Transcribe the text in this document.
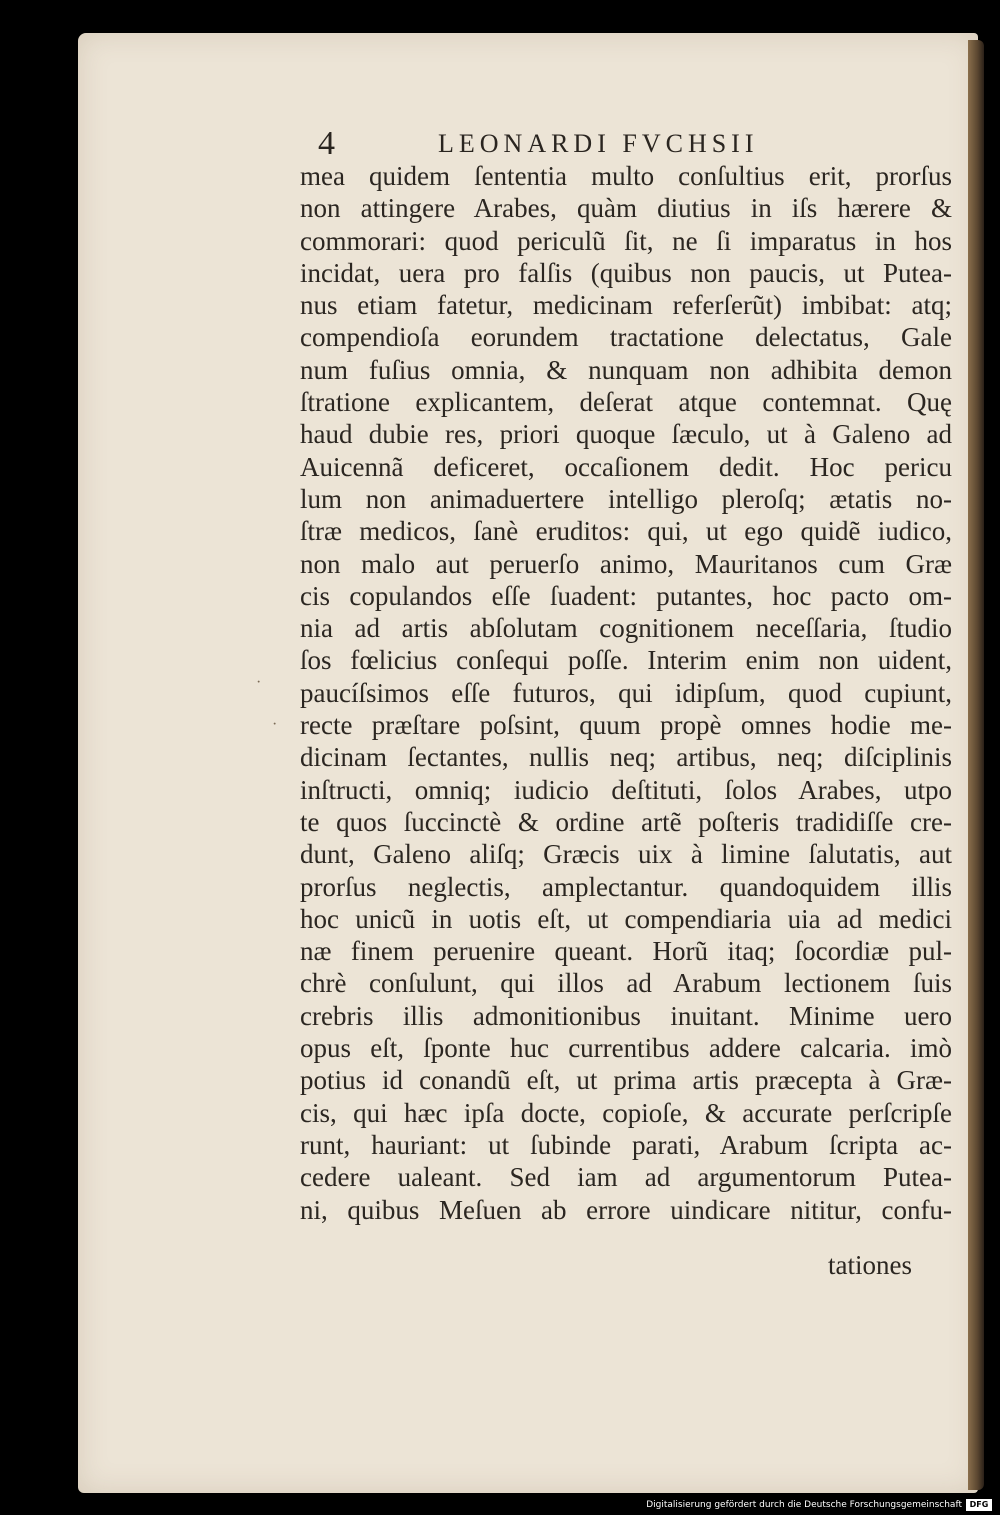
4	LEONARDI FVCHSII
mea quidem ſententia multo conſultius erit, prorſus
non attingere Arabes, quàm diutius in iſs hærere &
commorari: quod periculũ ſit, ne ſi imparatus in hos
incidat, uera pro falſis (quibus non paucis, ut Putea-
nus etiam fatetur, medicinam referſerũt) imbibat: atq;
compendioſa eorundem tractatione delectatus, Gale
num fuſius omnia, & nunquam non adhibita demon
ſtratione explicantem, deſerat atque contemnat. Quę
haud dubie res, priori quoque ſæculo, ut à Galeno ad
Auicennã deficeret, occaſionem dedit. Hoc pericu
lum non animaduertere intelligo pleroſq; ætatis no-
ſtræ medicos, ſanè eruditos: qui, ut ego quidẽ iudico,
non malo aut peruerſo animo, Mauritanos cum Græ
cis copulandos eſſe ſuadent: putantes, hoc pacto om-
nia ad artis abſolutam cognitionem neceſſaria, ſtudio
ſos fœlicius conſequi poſſe. Interim enim non uident,
paucíſsimos eſſe futuros, qui idipſum, quod cupiunt,
recte præſtare poſsint, quum propè omnes hodie me-
dicinam ſectantes, nullis neq; artibus, neq; diſciplinis
inſtructi, omniq; iudicio deſtituti, ſolos Arabes, utpo
te quos ſuccinctè & ordine artẽ poſteris tradidiſſe cre-
dunt, Galeno aliſq; Græcis uix à limine ſalutatis, aut
prorſus neglectis, amplectantur. quandoquidem illis
hoc unicũ in uotis eſt, ut compendiaria uia ad medici
næ finem peruenire queant. Horũ itaq; ſocordiæ pul-
chrè conſulunt, qui illos ad Arabum lectionem ſuis
crebris illis admonitionibus inuitant. Minime uero
opus eſt, ſponte huc currentibus addere calcaria. imò
potius id conandũ eſt, ut prima artis præcepta à Græ-
cis, qui hæc ipſa docte, copioſe, & accurate perſcripſe
runt, hauriant: ut ſubinde parati, Arabum ſcripta ac-
cedere ualeant. Sed iam ad argumentorum Putea-
ni, quibus Meſuen ab errore uindicare nititur, confu-
tationes
·
·
Digitalisierung gefördert durch die Deutsche Forschungsgemeinschaft DFG
